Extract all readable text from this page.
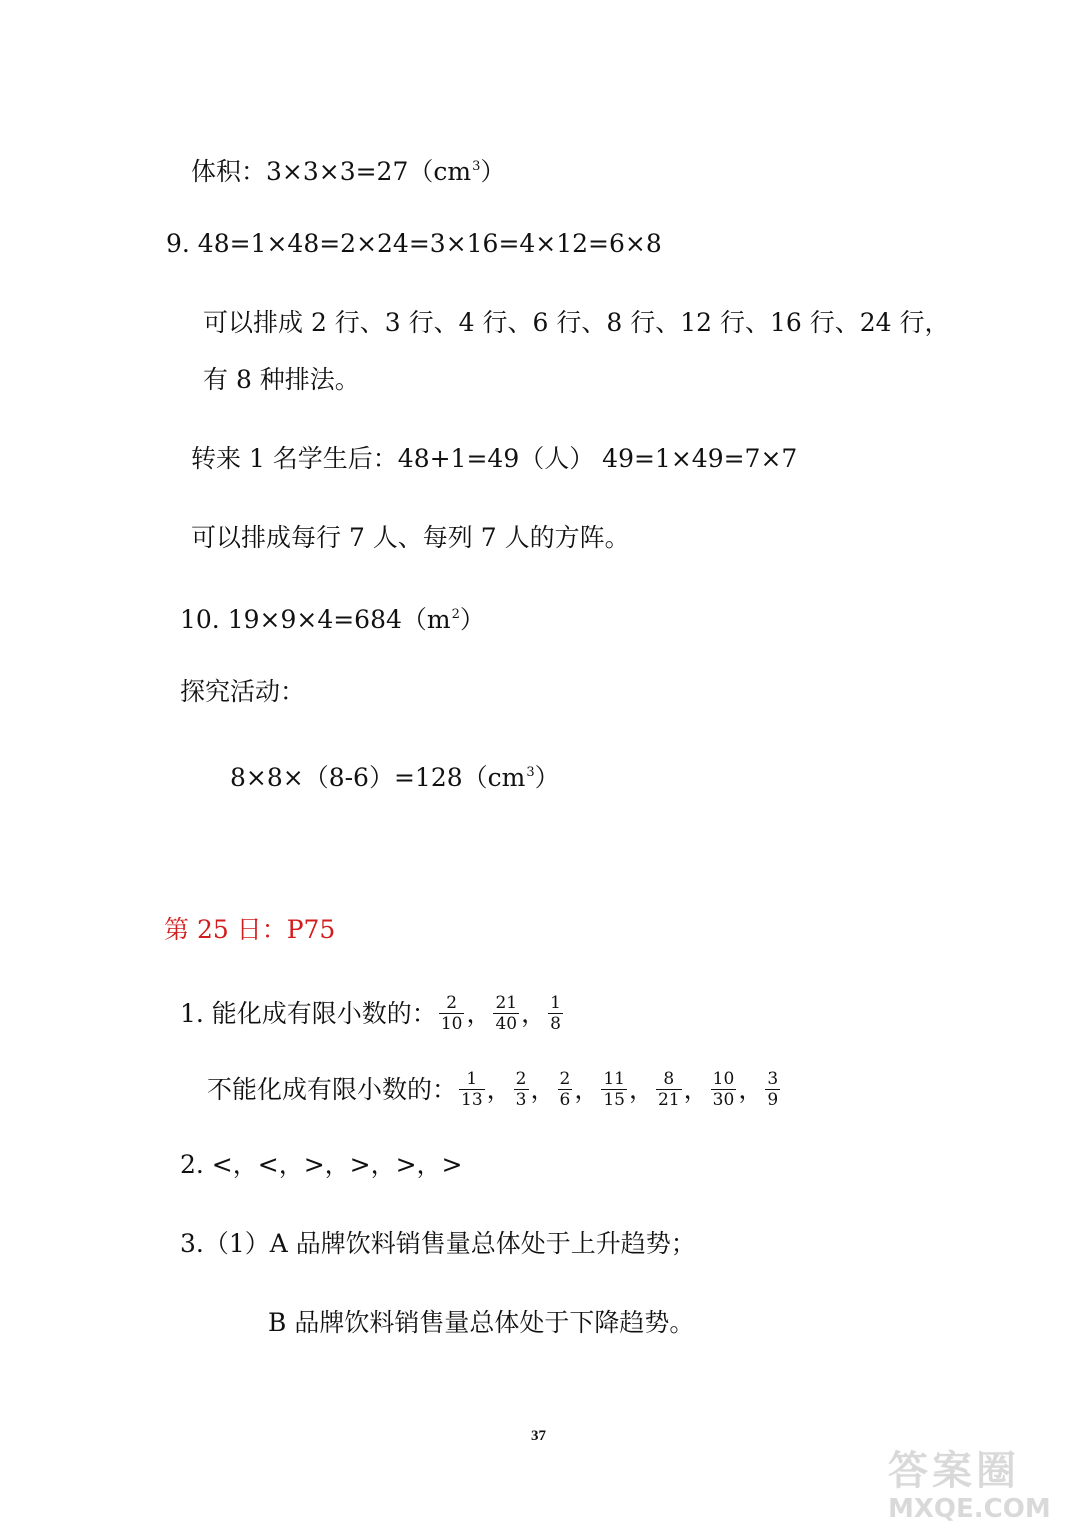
体积：$3\times 3\times 3=27(cm^3)$
9. 48=1×48=2×24=3×16=4×12=6×8
可以排成 2 行、3 行、4 行、6 行、8 行、12 行、16 行、24 行，
有 8 种排法。
转来 1 名学生后：48+1=49（人） 49=1×49=7×7
可以排成每行 7 人、每列 7 人的方阵。
10. $19\times 9\times 4=684(m^2)$
探究活动：
$8\times 8\times(8-6)=128(cm^3)$
第 25 日：P75
1. 能化成有限小数的： $\frac{2}{10}$ ， $\frac{21}{40}$ ， $\frac{1}{8}$
不能化成有限小数的： $\frac{1}{13}$ ， $\frac{2}{3}$ ， $\frac{2}{6}$ ， $\frac{11}{15}$ ， $\frac{8}{21}$ ， $\frac{10}{30}$ ， $\frac{3}{9}$
2. <，<，>，>，>，>
3.（1）A 品牌饮料销售量总体处于上升趋势；
B 品牌饮料销售量总体处于下降趋势。
37
答案圈
MXQE.COM
